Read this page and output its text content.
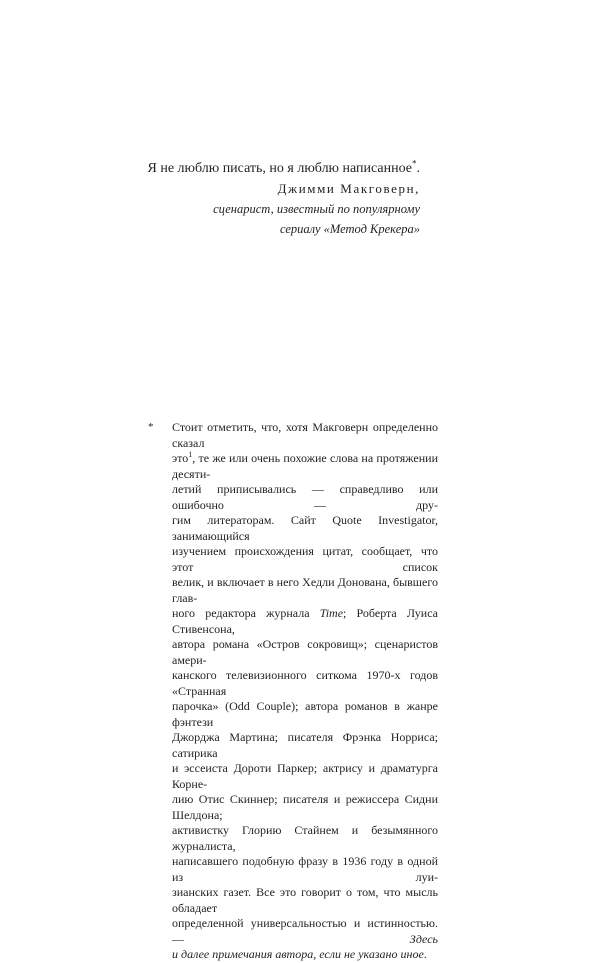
Я не люблю писать, но я люблю написанное*.

Джимми Макговерн,

сценарист, известный по популярному

сериалу «Метод Крекера»

* Стоит отметить, что, хотя Макговерн определенно сказал
это$^1$, те же или очень похожие слова на протяжении десяти-
летий приписывались — справедливо или ошибочно — дру-
гим литераторам. Сайт Quote Investigator, занимающийся
изучением происхождения цитат, сообщает, что этот список
велик, и включает в него Хедли Донована, бывшего глав-
ного редактора журнала Time; Роберта Луиса Стивенсона,
автора романа «Остров сокровищ»; сценаристов амери-
канского телевизионного ситкома 1970-х годов «Странная
парочка» (Odd Couple); автора романов в жанре фэнтези
Джорджа Мартина; писателя Фрэнка Норриса; сатирика
и эссеиста Дороти Паркер; актрису и драматурга Корне-
лию Отис Скиннер; писателя и режиссера Сидни Шелдона;
активистку Глорию Стайнем и безымянного журналиста,
написавшего подобную фразу в 1936 году в одной из луи-
зианских газет. Все это говорит о том, что мысль обладает
определенной универсальностью и истинностью. — Здесь
и далее примечания автора, если не указано иное.
